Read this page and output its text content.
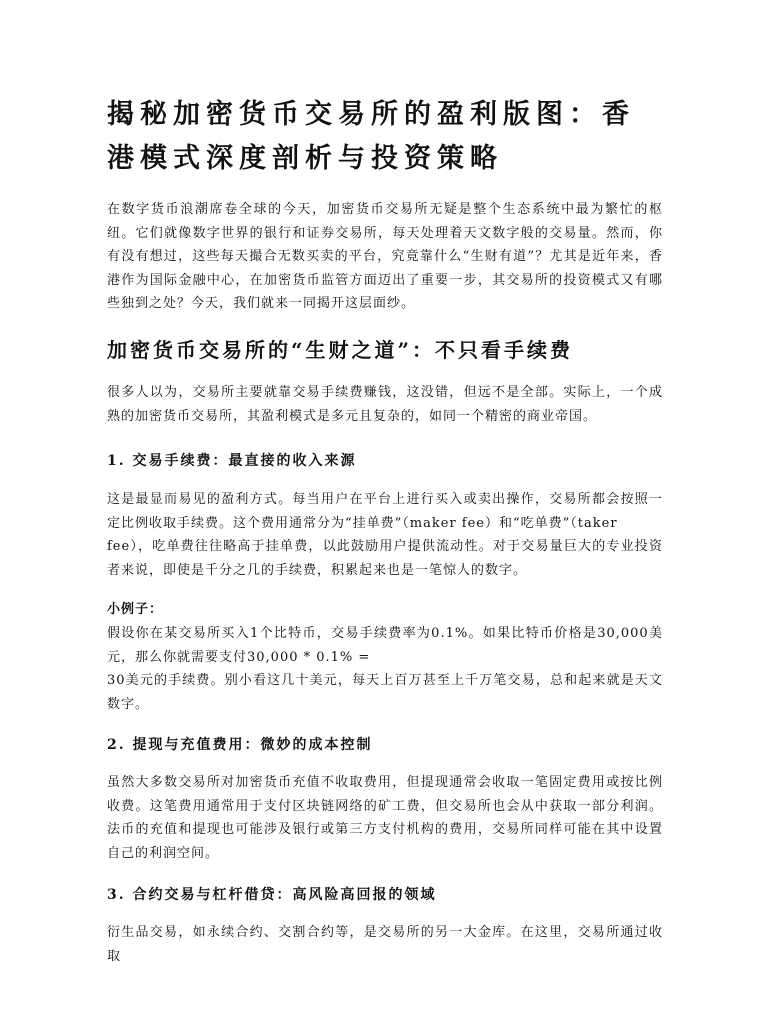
揭秘加密货币交易所的盈利版图：香港模式深度剖析与投资策略

在数字货币浪潮席卷全球的今天，加密货币交易所无疑是整个生态系统中最为繁忙的枢纽。它们就像数字世界的银行和证券交易所，每天处理着天文数字般的交易量。然而，你有没有想过，这些每天撮合无数买卖的平台，究竟靠什么“生财有道”？尤其是近年来，香港作为国际金融中心，在加密货币监管方面迈出了重要一步，其交易所的投资模式又有哪些独到之处？今天，我们就来一同揭开这层面纱。

加密货币交易所的“生财之道”：不只看手续费

很多人以为，交易所主要就靠交易手续费赚钱，这没错，但远不是全部。实际上，一个成熟的加密货币交易所，其盈利模式是多元且复杂的，如同一个精密的商业帝国。

1. 交易手续费：最直接的收入来源

这是最显而易见的盈利方式。每当用户在平台上进行买入或卖出操作，交易所都会按照一定比例收取手续费。这个费用通常分为“挂单费”（maker fee）和“吃单费”（taker
fee），吃单费往往略高于挂单费，以此鼓励用户提供流动性。对于交易量巨大的专业投资者来说，即使是千分之几的手续费，积累起来也是一笔惊人的数字。

小例子：

假设你在某交易所买入1个比特币，交易手续费率为0.1%。如果比特币价格是30,000美元，那么你就需要支付30,000 * 0.1% =
30美元的手续费。别小看这几十美元，每天上百万甚至上千万笔交易，总和起来就是天文数字。

2. 提现与充值费用：微妙的成本控制

虽然大多数交易所对加密货币充值不收取费用，但提现通常会收取一笔固定费用或按比例收费。这笔费用通常用于支付区块链网络的矿工费，但交易所也会从中获取一部分利润。法币的充值和提现也可能涉及银行或第三方支付机构的费用，交易所同样可能在其中设置自己的利润空间。

3. 合约交易与杠杆借贷：高风险高回报的领域

衍生品交易，如永续合约、交割合约等，是交易所的另一大金库。在这里，交易所通过收取
